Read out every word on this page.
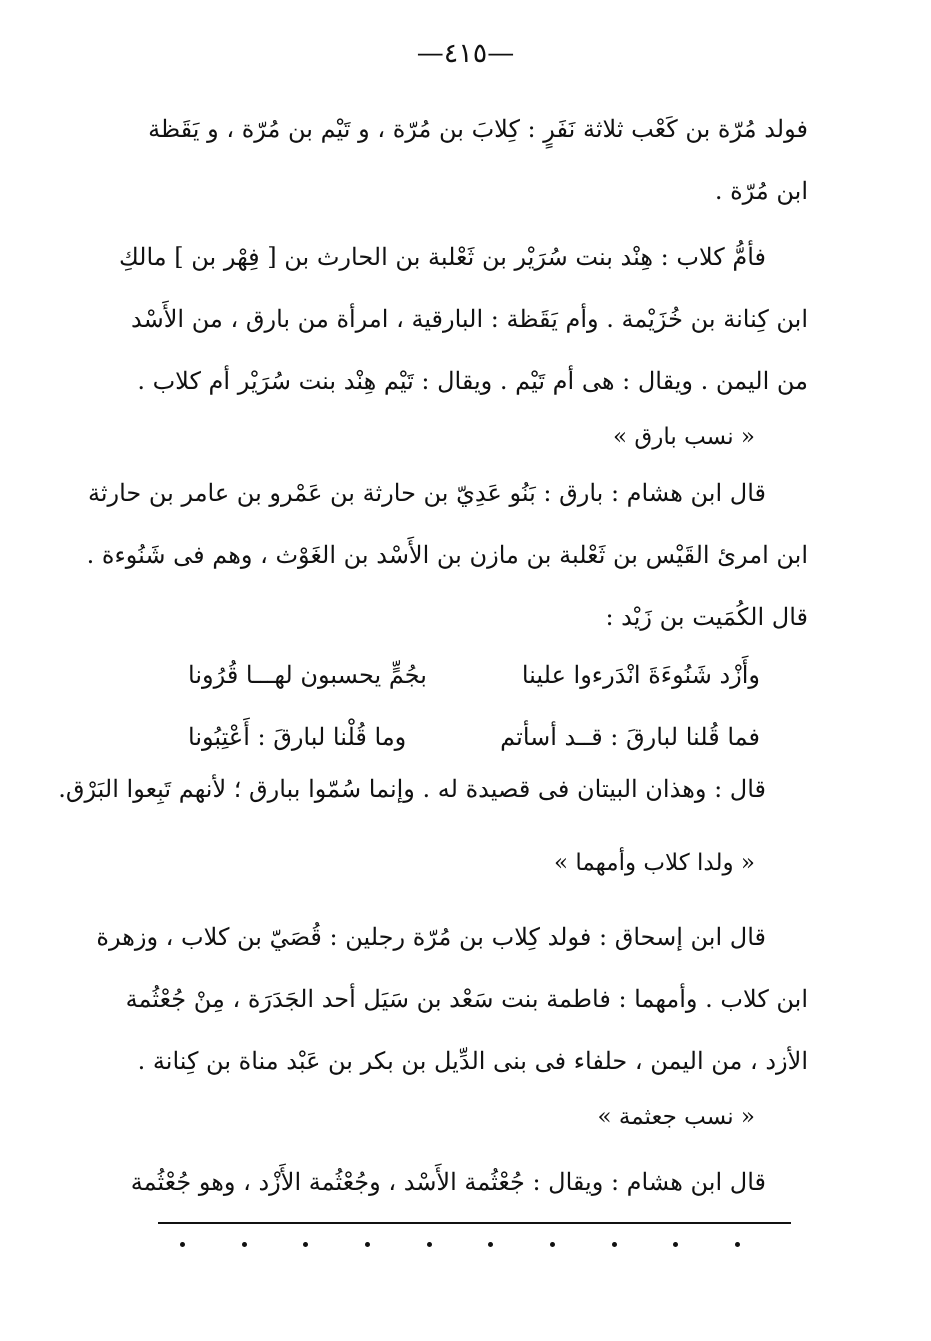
—٤١٥—
فولد مُرّة بن كَعْب ثلاثة نَفَرٍ : كِلابَ بن مُرّة ، و تَيْم بن مُرّة ، و يَقَظة
ابن مُرّة .
فأمُّ كلاب : هِنْد بنت سُرَيْر بن ثَعْلبة بن الحارث بن [ فِهْر بن ] مالكِ
ابن كِنانة بن خُزَيْمة . وأم يَقَظة : البارقية ، امرأة من بارق ، من الأَسْد
من اليمن . ويقال : هى أم تَيْم . ويقال : تَيْم هِنْد بنت سُرَيْر أم كلاب .
« نسب بارق »
قال ابن هشام : بارق : بَنُو عَدِيّ بن حارثة بن عَمْرو بن عامر بن حارثة
ابن امرئ القَيْس بن ثَعْلبة بن مازن بن الأَسْد بن الغَوْث ، وهم فى شَنُوءة .
قال الكُمَيت بن زَيْد :
وأَزْد شَنُوءَةَ انْدَرءوا علينا
بجُمٍّ يحسبون لهـــا قُرُونا
فما قُلنا لبارقَ : قــد أسأتم
وما قُلْنا لبارقَ : أَعْتِبُونا
قال : وهذان البيتان فى قصيدة له . وإنما سُمّوا ببارق ؛ لأنهم تَبِعوا البَرْق.
« ولدا كلاب وأمهما »
قال ابن إسحاق : فولد كِلاب بن مُرّة رجلين : قُصَيّ بن كلاب ، وزهرة
ابن كلاب . وأمهما : فاطمة بنت سَعْد بن سَيَل أحد الجَدَرَة ، مِنْ جُعْثُمة
الأزد ، من اليمن ، حلفاء فى بنى الدِّيل بن بكر بن عَبْد مناة بن كِنانة .
« نسب جعثمة »
قال ابن هشام : ويقال : جُعْثُمة الأَسْد ، وجُعْثُمة الأَزْد ، وهو جُعْثُمة
